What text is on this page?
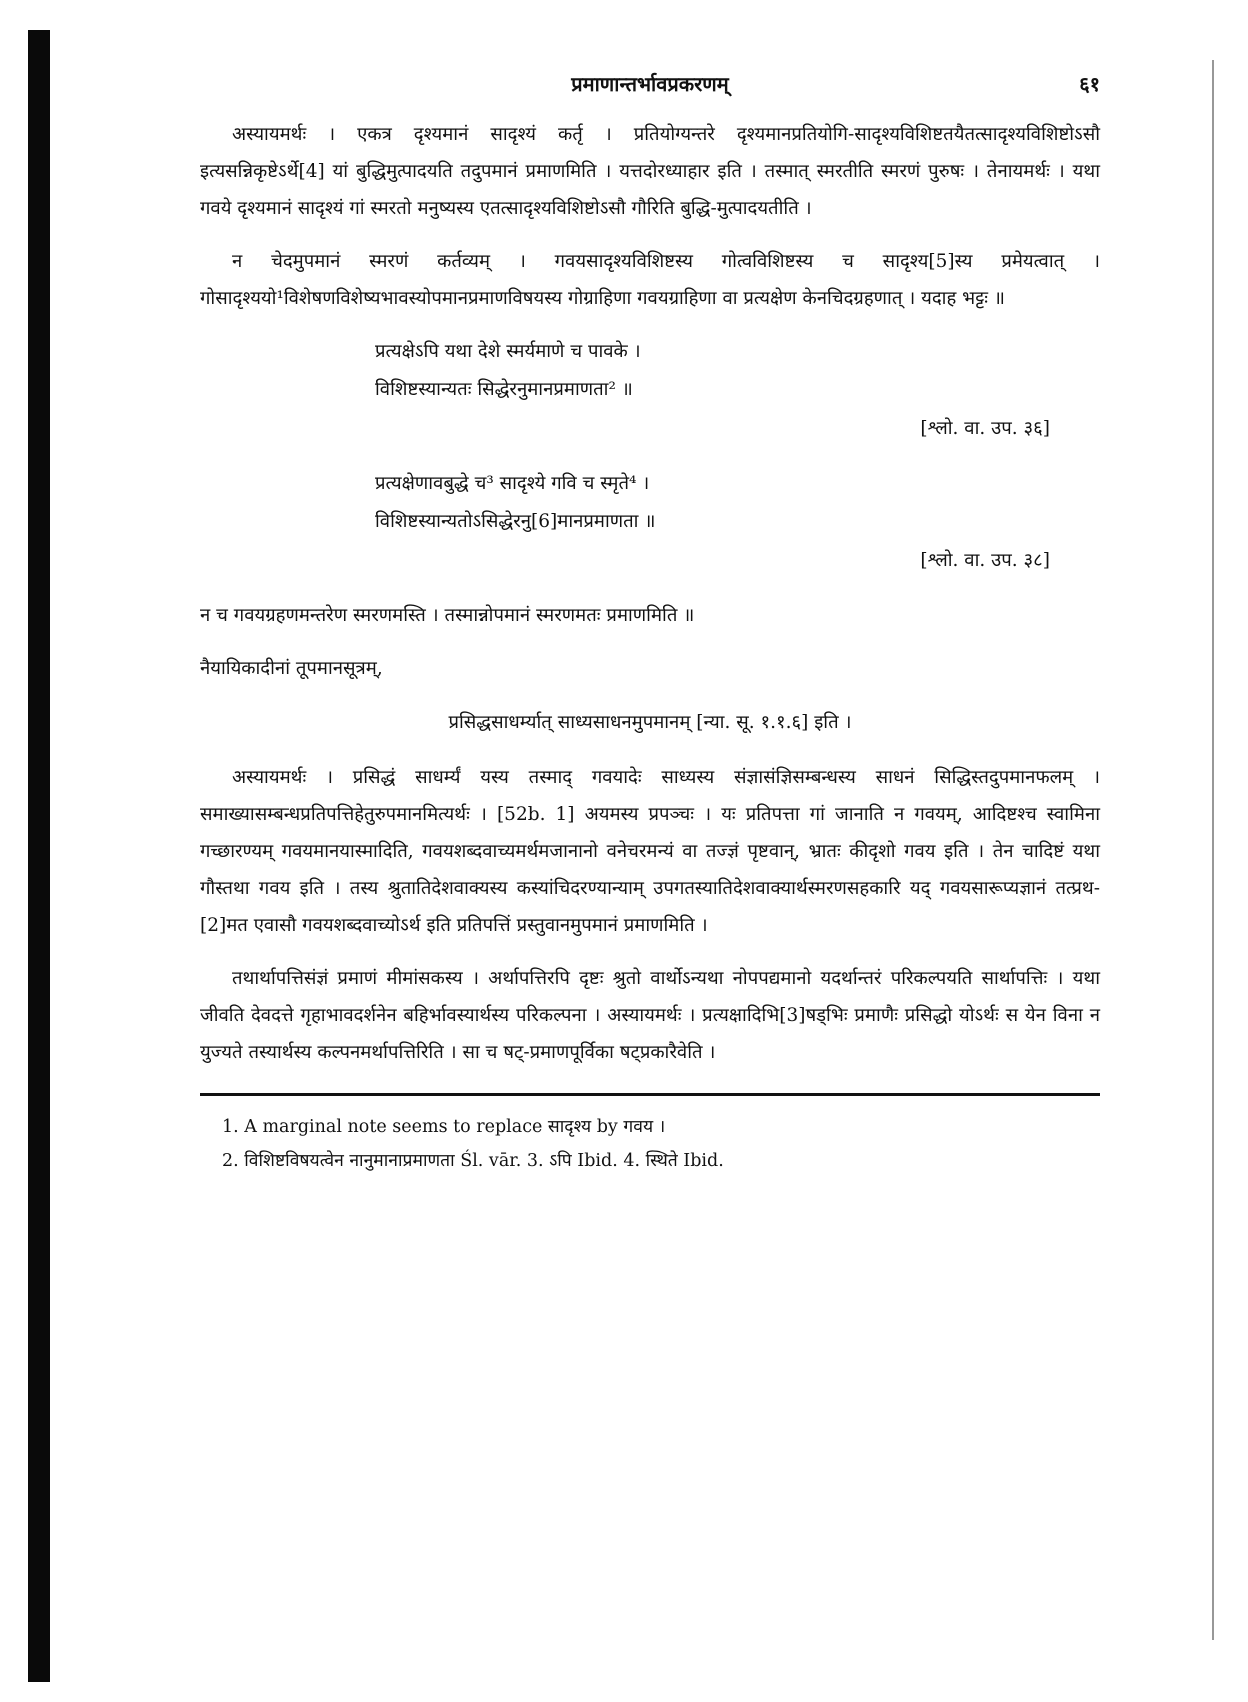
प्रमाणान्तर्भावप्रकरणम्	६१

अस्यायमर्थः । एकत्र दृश्यमानं सादृश्यं कर्तृ । प्रतियोग्यन्तरे दृश्यमानप्रतियोगि-सादृश्यविशिष्टतयैतत्सादृश्यविशिष्टोऽसौ इत्यसन्निकृष्टेऽर्थे[4] यां बुद्धिमुत्पादयति तदुपमानं प्रमाणमिति । यत्तदोरध्याहार इति । तस्मात् स्मरतीति स्मरणं पुरुषः । तेनायमर्थः । यथा गवये दृश्यमानं सादृश्यं गां स्मरतो मनुष्यस्य एतत्सादृश्यविशिष्टोऽसौ गौरिति बुद्धि-मुत्पादयतीति ।

न चेदमुपमानं स्मरणं कर्तव्यम् । गवयसादृश्यविशिष्टस्य गोत्वविशिष्टस्य च सादृश्य[5]स्य प्रमेयत्वात् । गोसादृश्ययो¹विशेषणविशेष्यभावस्योपमानप्रमाणविषयस्य गोग्राहिणा गवयग्राहिणा वा प्रत्यक्षेण केनचिदग्रहणात् । यदाह भट्टः ॥

प्रत्यक्षेऽपि यथा देशे स्मर्यमाणे च पावके ।
विशिष्टस्यान्यतः सिद्धेरनुमानप्रमाणता² ॥
[श्लो. वा. उप. ३६]
प्रत्यक्षेणावबुद्धे च³ सादृश्ये गवि च स्मृते⁴ ।
विशिष्टस्यान्यतोऽसिद्धेरनु[6]मानप्रमाणता ॥
[श्लो. वा. उप. ३८]

न च गवयग्रहणमन्तरेण स्मरणमस्ति । तस्मान्नोपमानं स्मरणमतः प्रमाणमिति ॥

नैयायिकादीनां तूपमानसूत्रम्,

प्रसिद्धसाधर्म्यात् साध्यसाधनमुपमानम् [न्या. सू. १.१.६] इति ।

अस्यायमर्थः । प्रसिद्धं साधर्म्यं यस्य तस्माद् गवयादेः साध्यस्य संज्ञासंज्ञिसम्बन्धस्य साधनं सिद्धिस्तदुपमानफलम् । समाख्यासम्बन्धप्रतिपत्तिहेतुरुपमानमित्यर्थः । [52b. 1] अयमस्य प्रपञ्चः । यः प्रतिपत्ता गां जानाति न गवयम्, आदिष्टश्च स्वामिना गच्छारण्यम् गवयमानयास्मादिति, गवयशब्दवाच्यमर्थमजानानो वनेचरमन्यं वा तज्ज्ञं पृष्टवान्, भ्रातः कीदृशो गवय इति । तेन चादिष्टं यथा गौस्तथा गवय इति । तस्य श्रुतातिदेशवाक्यस्य कस्यांचिदरण्यान्याम् उपगतस्यातिदेशवाक्यार्थस्मरणसहकारि यद् गवयसारूप्यज्ञानं तत्प्रथ-[2]मत एवासौ गवयशब्दवाच्योऽर्थ इति प्रतिपत्तिं प्रस्तुवानमुपमानं प्रमाणमिति ।

तथार्थापत्तिसंज्ञं प्रमाणं मीमांसकस्य । अर्थापत्तिरपि दृष्टः श्रुतो वार्थोऽन्यथा नोपपद्यमानो यदर्थान्तरं परिकल्पयति सार्थापत्तिः । यथा जीवति देवदत्ते गृहाभावदर्शनेन बहिर्भावस्यार्थस्य परिकल्पना । अस्यायमर्थः । प्रत्यक्षादिभि[3]षड्भिः प्रमाणैः प्रसिद्धो योऽर्थः स येन विना न युज्यते तस्यार्थस्य कल्पनमर्थापत्तिरिति । सा च षट्-प्रमाणपूर्विका षट्प्रकारैवेति ।

1. A marginal note seems to replace सादृश्य by गवय ।
2. विशिष्टविषयत्वेन नानुमानाप्रमाणता Śl. vār. 3. ऽपि Ibid. 4. स्थिते Ibid.
